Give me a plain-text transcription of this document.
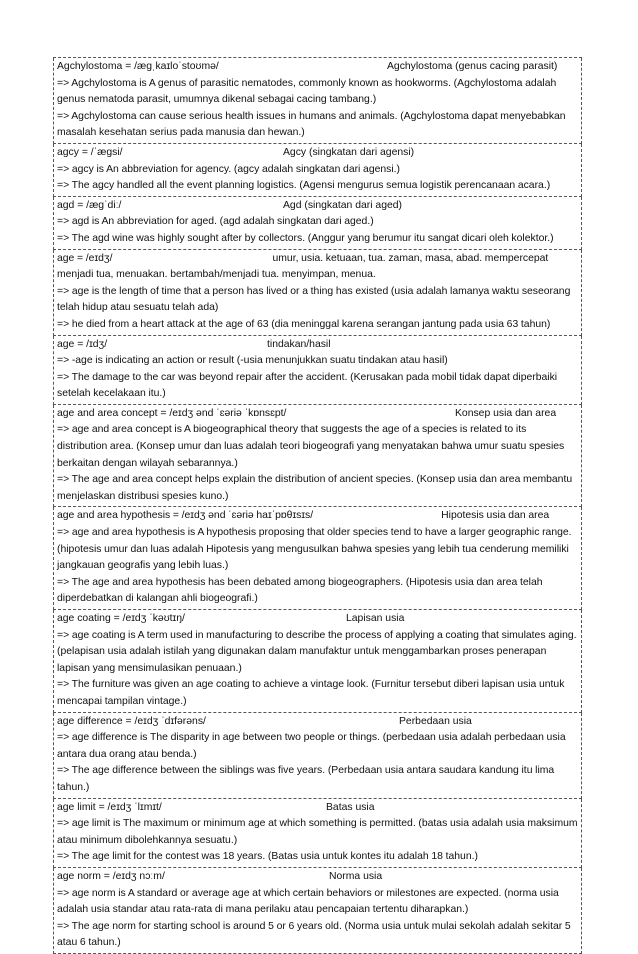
Agchylostoma = /æɡˌkaɪloˈstoʊmə/	Agchylostoma (genus cacing parasit)
=> Agchylostoma is A genus of parasitic nematodes, commonly known as hookworms. (Agchylostoma adalah genus nematoda parasit, umumnya dikenal sebagai cacing tambang.)
=> Agchylostoma can cause serious health issues in humans and animals. (Agchylostoma dapat menyebabkan masalah kesehatan serius pada manusia dan hewan.)
agcy = /ˈæɡsi/	Agcy (singkatan dari agensi)
=> agcy is An abbreviation for agency. (agcy adalah singkatan dari agensi.)
=> The agcy handled all the event planning logistics. (Agensi mengurus semua logistik perencanaan acara.)
agd = /æɡˈdiː/	Agd (singkatan dari aged)
=> agd is An abbreviation for aged. (agd adalah singkatan dari aged.)
=> The agd wine was highly sought after by collectors. (Anggur yang berumur itu sangat dicari oleh kolektor.)
age = /eɪdʒ/	umur, usia. ketuaan, tua. zaman, masa, abad. mempercepat menjadi tua, menuakan. bertambah/menjadi tua. menyimpan, menua.
=> age is the length of time that a person has lived or a thing has existed (usia adalah lamanya waktu seseorang telah hidup atau sesuatu telah ada)
=> he died from a heart attack at the age of 63 (dia meninggal karena serangan jantung pada usia 63 tahun)
age = /ɪdʒ/	tindakan/hasil
=> -age is indicating an action or result (-usia menunjukkan suatu tindakan atau hasil)
=> The damage to the car was beyond repair after the accident. (Kerusakan pada mobil tidak dapat diperbaiki setelah kecelakaan itu.)
age and area concept = /eɪdʒ ənd ˈɛəriə ˈkɒnsɛpt/	Konsep usia dan area
=> age and area concept is A biogeographical theory that suggests the age of a species is related to its distribution area. (Konsep umur dan luas adalah teori biogeografi yang menyatakan bahwa umur suatu spesies berkaitan dengan wilayah sebarannya.)
=> The age and area concept helps explain the distribution of ancient species. (Konsep usia dan area membantu menjelaskan distribusi spesies kuno.)
age and area hypothesis = /eɪdʒ ənd ˈɛəriə haɪˈpɒθɪsɪs/	Hipotesis usia dan area
=> age and area hypothesis is A hypothesis proposing that older species tend to have a larger geographic range. (hipotesis umur dan luas adalah Hipotesis yang mengusulkan bahwa spesies yang lebih tua cenderung memiliki jangkauan geografis yang lebih luas.)
=> The age and area hypothesis has been debated among biogeographers. (Hipotesis usia dan area telah diperdebatkan di kalangan ahli biogeografi.)
age coating = /eɪdʒ ˈkəʊtɪŋ/	Lapisan usia
=> age coating is A term used in manufacturing to describe the process of applying a coating that simulates aging. (pelapisan usia adalah istilah yang digunakan dalam manufaktur untuk menggambarkan proses penerapan lapisan yang mensimulasikan penuaan.)
=> The furniture was given an age coating to achieve a vintage look. (Furnitur tersebut diberi lapisan usia untuk mencapai tampilan vintage.)
age difference = /eɪdʒ ˈdɪfərəns/	Perbedaan usia
=> age difference is The disparity in age between two people or things. (perbedaan usia adalah perbedaan usia antara dua orang atau benda.)
=> The age difference between the siblings was five years. (Perbedaan usia antara saudara kandung itu lima tahun.)
age limit = /eɪdʒ ˈlɪmɪt/	Batas usia
=> age limit is The maximum or minimum age at which something is permitted. (batas usia adalah usia maksimum atau minimum dibolehkannya sesuatu.)
=> The age limit for the contest was 18 years. (Batas usia untuk kontes itu adalah 18 tahun.)
age norm = /eɪdʒ nɔːm/	Norma usia
=> age norm is A standard or average age at which certain behaviors or milestones are expected. (norma usia adalah usia standar atau rata-rata di mana perilaku atau pencapaian tertentu diharapkan.)
=> The age norm for starting school is around 5 or 6 years old. (Norma usia untuk mulai sekolah adalah sekitar 5 atau 6 tahun.)
